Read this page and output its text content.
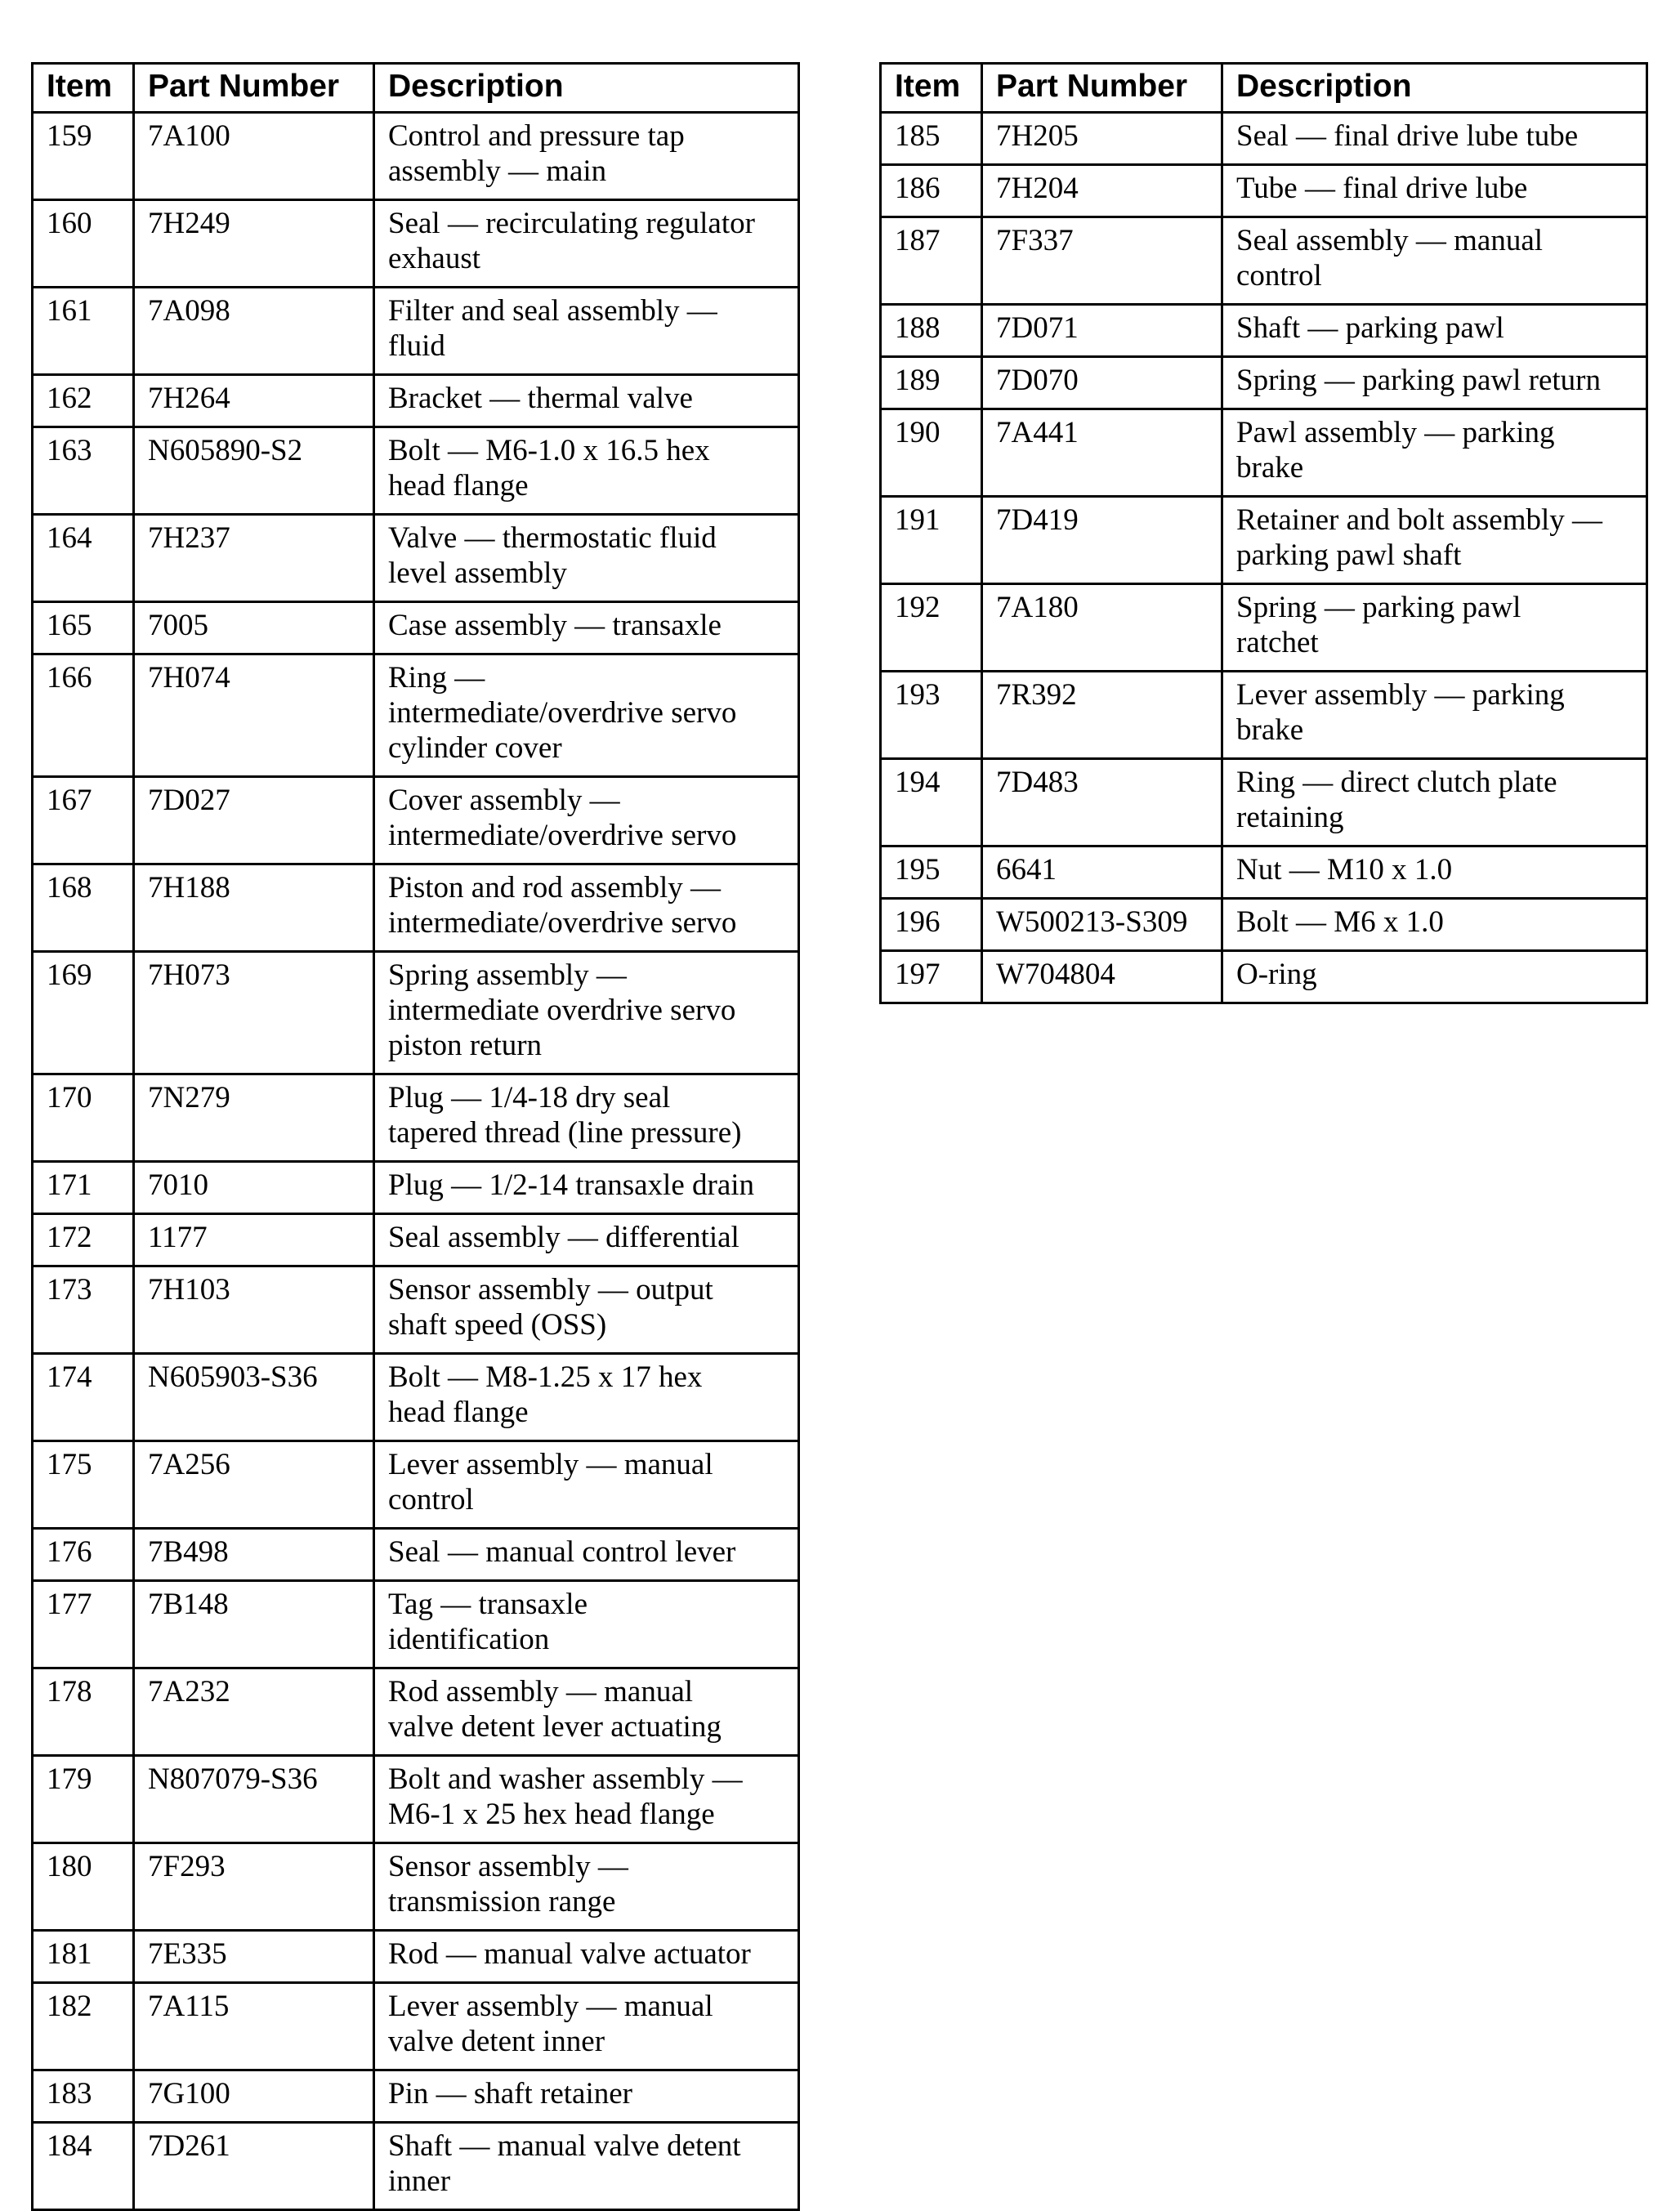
Item	Part Number	Description
159	7A100	Control and pressure tap
assembly — main

160	7H249	Seal — recirculating regulator
exhaust

161	7A098	Filter and seal assembly —
fluid

162	7H264	Bracket — thermal valve

163	N605890-S2	Bolt — M6-1.0 x 16.5 hex
head flange

164	7H237	Valve — thermostatic fluid
level assembly

165	7005	Case assembly — transaxle

166	7H074	Ring —
intermediate/overdrive servo
cylinder cover

167	7D027	Cover assembly —
intermediate/overdrive servo

168	7H188	Piston and rod assembly —
intermediate/overdrive servo

169	7H073	Spring assembly —
intermediate overdrive servo
piston return

170	7N279	Plug — 1/4-18 dry seal
tapered thread (line pressure)

171	7010	Plug — 1/2-14 transaxle drain

172	1177	Seal assembly — differential

173	7H103	Sensor assembly — output
shaft speed (OSS)

174	N605903-S36	Bolt — M8-1.25 x 17 hex
head flange

175	7A256	Lever assembly — manual
control

176	7B498	Seal — manual control lever

177	7B148	Tag — transaxle
identification

178	7A232	Rod assembly — manual
valve detent lever actuating

179	N807079-S36	Bolt and washer assembly —
M6-1 x 25 hex head flange

180	7F293	Sensor assembly —
transmission range

181	7E335	Rod — manual valve actuator

182	7A115	Lever assembly — manual
valve detent inner

183	7G100	Pin — shaft retainer

184	7D261	Shaft — manual valve detent
inner
Item	Part Number	Description
185	7H205	Seal — final drive lube tube

186	7H204	Tube — final drive lube

187	7F337	Seal assembly — manual
control

188	7D071	Shaft — parking pawl

189	7D070	Spring — parking pawl return

190	7A441	Pawl assembly — parking
brake

191	7D419	Retainer and bolt assembly —
parking pawl shaft

192	7A180	Spring — parking pawl
ratchet

193	7R392	Lever assembly — parking
brake

194	7D483	Ring — direct clutch plate
retaining

195	6641	Nut — M10 x 1.0

196	W500213-S309	Bolt — M6 x 1.0

197	W704804	O-ring
